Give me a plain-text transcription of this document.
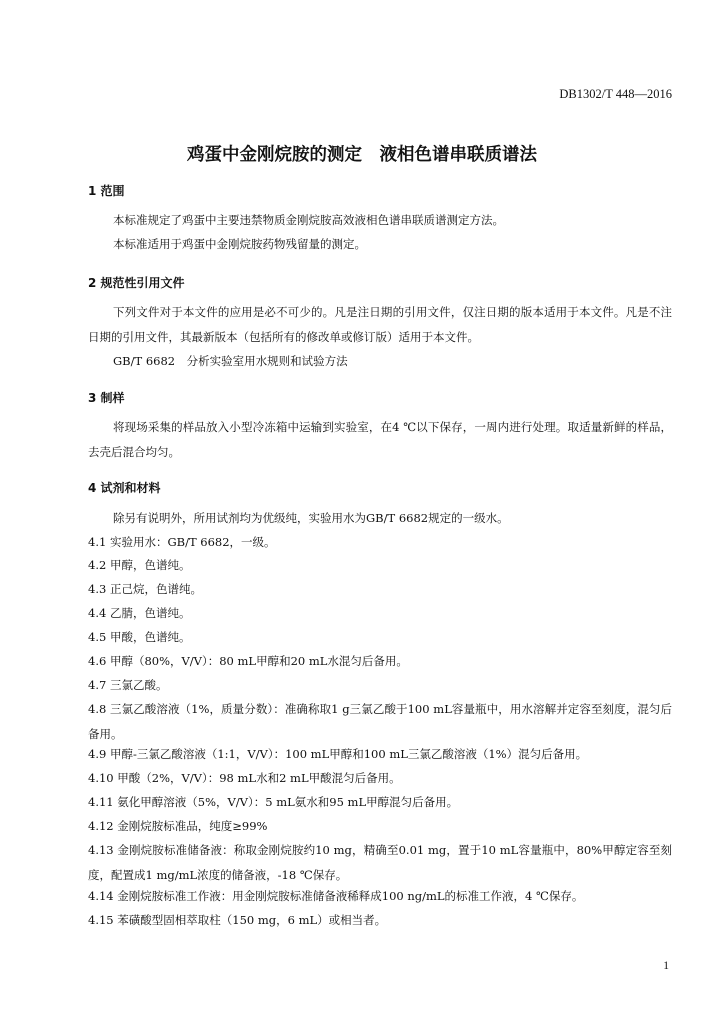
DB1302/T 448—2016
鸡蛋中金刚烷胺的测定　液相色谱串联质谱法
1 范围
本标准规定了鸡蛋中主要违禁物质金刚烷胺高效液相色谱串联质谱测定方法。
本标准适用于鸡蛋中金刚烷胺药物残留量的测定。
2 规范性引用文件
下列文件对于本文件的应用是必不可少的。凡是注日期的引用文件，仅注日期的版本适用于本文件。凡是不注日期的引用文件，其最新版本（包括所有的修改单或修订版）适用于本文件。
GB/T 6682　分析实验室用水规则和试验方法
3 制样
将现场采集的样品放入小型冷冻箱中运输到实验室，在4 ℃以下保存，一周内进行处理。取适量新鲜的样品，去壳后混合均匀。
4 试剂和材料
除另有说明外，所用试剂均为优级纯，实验用水为GB/T 6682规定的一级水。
4.1 实验用水：GB/T 6682，一级。
4.2 甲醇，色谱纯。
4.3 正己烷，色谱纯。
4.4 乙腈，色谱纯。
4.5 甲酸，色谱纯。
4.6 甲醇（80%，V/V）：80 mL甲醇和20 mL水混匀后备用。
4.7 三氯乙酸。
4.8 三氯乙酸溶液（1%，质量分数）：准确称取1 g三氯乙酸于100 mL容量瓶中，用水溶解并定容至刻度，混匀后备用。
4.9 甲醇-三氯乙酸溶液（1:1，V/V）：100 mL甲醇和100 mL三氯乙酸溶液（1%）混匀后备用。
4.10 甲酸（2%，V/V）：98 mL水和2 mL甲酸混匀后备用。
4.11 氨化甲醇溶液（5%，V/V）：5 mL氨水和95 mL甲醇混匀后备用。
4.12 金刚烷胺标准品，纯度≥99%
4.13 金刚烷胺标准储备液：称取金刚烷胺约10 mg，精确至0.01 mg，置于10 mL容量瓶中，80%甲醇定容至刻度，配置成1 mg/mL浓度的储备液，-18 ℃保存。
4.14 金刚烷胺标准工作液：用金刚烷胺标准储备液稀释成100 ng/mL的标准工作液，4 ℃保存。
4.15 苯磺酸型固相萃取柱（150 mg，6 mL）或相当者。
1
